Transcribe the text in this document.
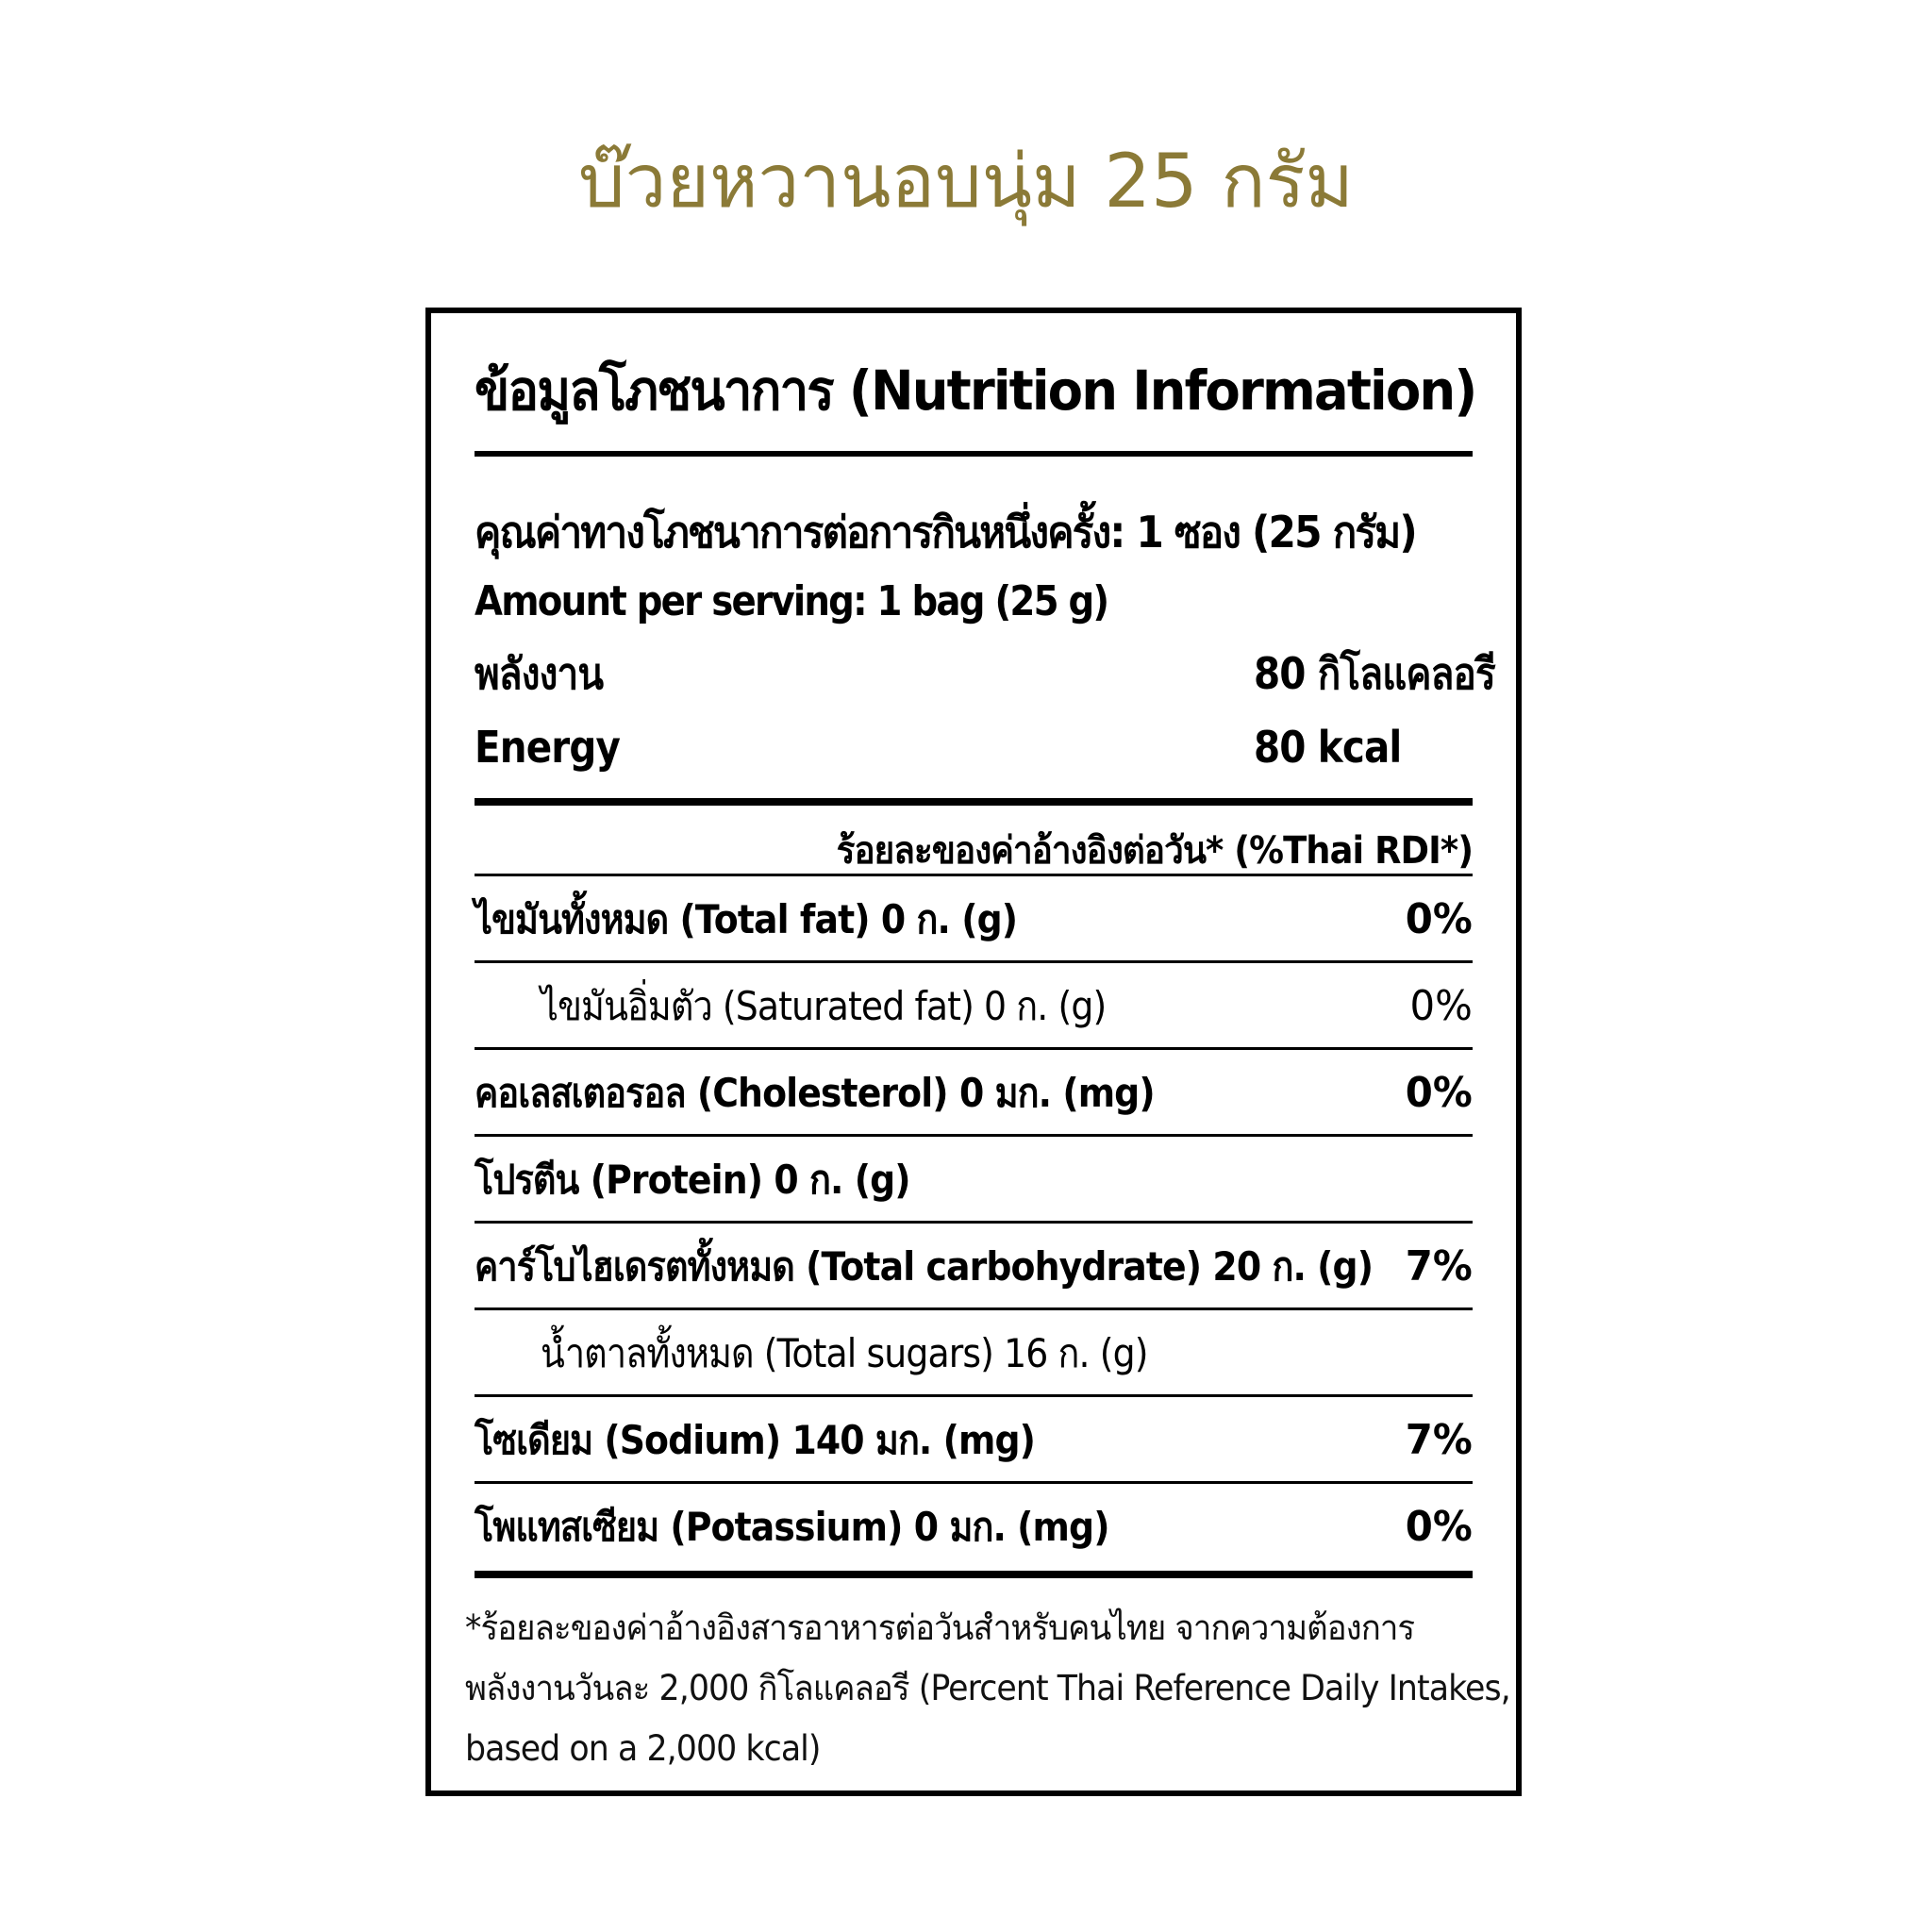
บ๊วยหวานอบนุ่ม 25 กรัม
ข้อมูลโภชนาการ (Nutrition Information)
คุณค่าทางโภชนาการต่อการกินหนึ่งครั้ง: 1 ซอง (25 กรัม)
Amount per serving: 1 bag (25 g)
พลังงาน	80 กิโลแคลอรี
Energy	80 kcal
ร้อยละของค่าอ้างอิงต่อวัน* (%Thai RDI*)
ไขมันทั้งหมด (Total fat) 0 ก. (g)	0%
ไขมันอิ่มตัว (Saturated fat) 0 ก. (g)	0%
คอเลสเตอรอล (Cholesterol) 0 มก. (mg)	0%
โปรตีน (Protein) 0 ก. (g)
คาร์โบไฮเดรตทั้งหมด (Total carbohydrate) 20 ก. (g) 7%
น้ำตาลทั้งหมด (Total sugars) 16 ก. (g)
โซเดียม (Sodium) 140 มก. (mg)	7%
โพแทสเซียม (Potassium) 0 มก. (mg)	0%
*ร้อยละของค่าอ้างอิงสารอาหารต่อวันสำหรับคนไทย จากความต้องการ
พลังงานวันละ 2,000 กิโลแคลอรี (Percent Thai Reference Daily Intakes,
based on a 2,000 kcal)
